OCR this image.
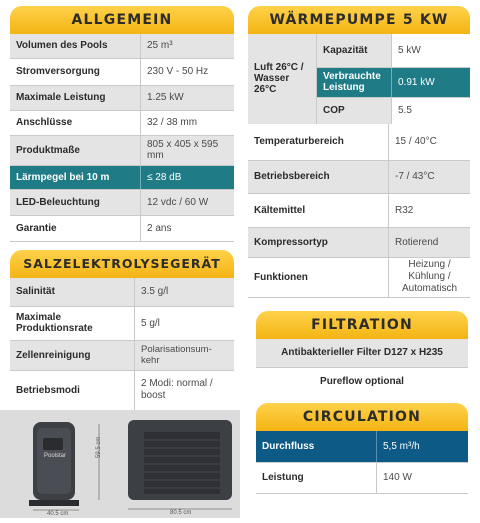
ALLGEMEIN
Volumen des Pools	25 m³
Stromversorgung	230 V - 50 Hz
Maximale Leistung	1.25 kW
Anschlüsse	32 / 38 mm
Produktmaße	805 x 405 x 595 mm
Lärmpegel bei 10 m	≤ 28 dB
LED-Beleuchtung	12 vdc / 60 W
Garantie	2 ans
SALZELEKTROLYSEGERÄT
Salinität	3.5 g/l
Maximale Produktionsrate	5 g/l
Zellenreinigung	Polarisationsum-kehr
Betriebsmodi	2 Modi: normal / boost
Poolstar	59.5 cm
40.5 cm	80.5 cm
WÄRMEPUMPE 5 KW
Luft 26°C / Wasser 26°C	Kapazität	5 kW
	Verbrauchte Leistung	0.91 kW
	COP	5.5
Temperaturbereich	15 / 40°C
Betriebsbereich	-7 / 43°C
Kältemittel	R32
Kompressortyp	Rotierend
Funktionen	Heizung / Kühlung / Automatisch
FILTRATION
Antibakterieller Filter D127 x H235
Pureflow optional
CIRCULATION
Durchfluss	5,5 m³/h
Leistung	140 W
